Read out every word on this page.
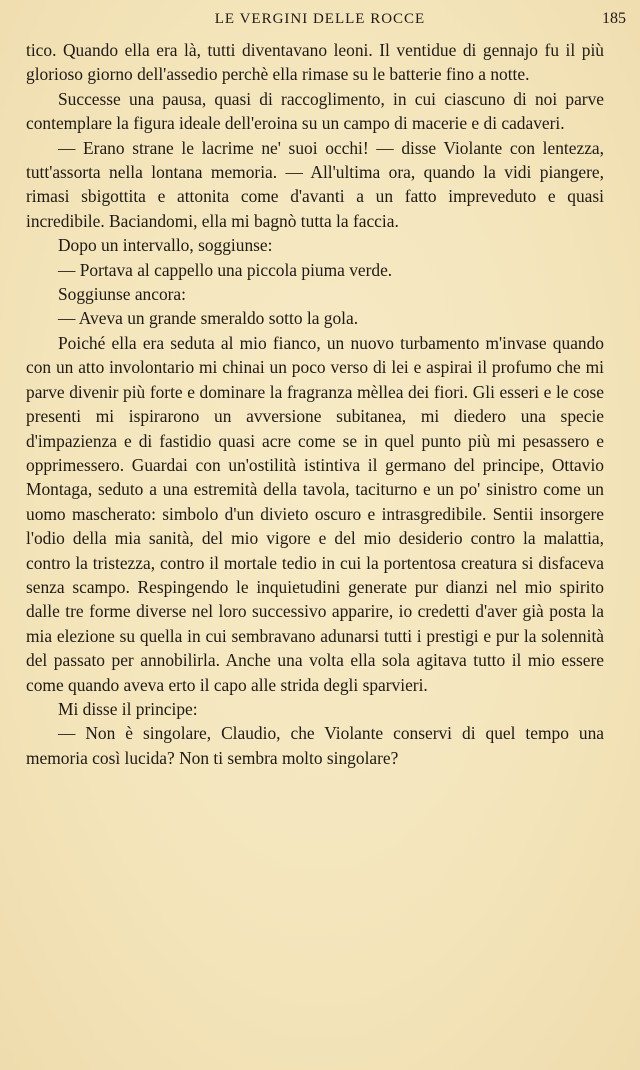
LE VERGINI DELLE ROCCE	185

tico. Quando ella era là, tutti diventavano leoni. Il ventidue di gennajo fu il più glorioso giorno dell'assedio perchè ella rimase su le batterie fino a notte.

Successe una pausa, quasi di raccoglimento, in cui ciascuno di noi parve contemplare la figura ideale dell'eroina su un campo di macerie e di cadaveri.

— Erano strane le lacrime ne' suoi occhi! — disse Violante con lentezza, tutt'assorta nella lontana memoria. — All'ultima ora, quando la vidi piangere, rimasi sbigottita e attonita come d'avanti a un fatto impreveduto e quasi incredibile. Baciandomi, ella mi bagnò tutta la faccia.

Dopo un intervallo, soggiunse:

— Portava al cappello una piccola piuma verde.

Soggiunse ancora:

— Aveva un grande smeraldo sotto la gola.

Poiché ella era seduta al mio fianco, un nuovo turbamento m'invase quando con un atto involontario mi chinai un poco verso di lei e aspirai il profumo che mi parve divenir più forte e dominare la fragranza mèllea dei fiori. Gli esseri e le cose presenti mi ispirarono un avversione subitanea, mi diedero una specie d'impazienza e di fastidio quasi acre come se in quel punto più mi pesassero e opprimessero. Guardai con un'ostilità istintiva il germano del principe, Ottavio Montaga, seduto a una estremità della tavola, taciturno e un po' sinistro come un uomo mascherato: simbolo d'un divieto oscuro e intrasgredibile. Sentii insorgere l'odio della mia sanità, del mio vigore e del mio desiderio contro la malattia, contro la tristezza, contro il mortale tedio in cui la portentosa creatura si disfaceva senza scampo. Respingendo le inquietudini generate pur dianzi nel mio spirito dalle tre forme diverse nel loro successivo apparire, io credetti d'aver già posta la mia elezione su quella in cui sembravano adunarsi tutti i prestigi e pur la solennità del passato per annobilirla. Anche una volta ella sola agitava tutto il mio essere come quando aveva erto il capo alle strida degli sparvieri.

Mi disse il principe:

— Non è singolare, Claudio, che Violante conservi di quel tempo una memoria così lucida? Non ti sembra molto singolare?
